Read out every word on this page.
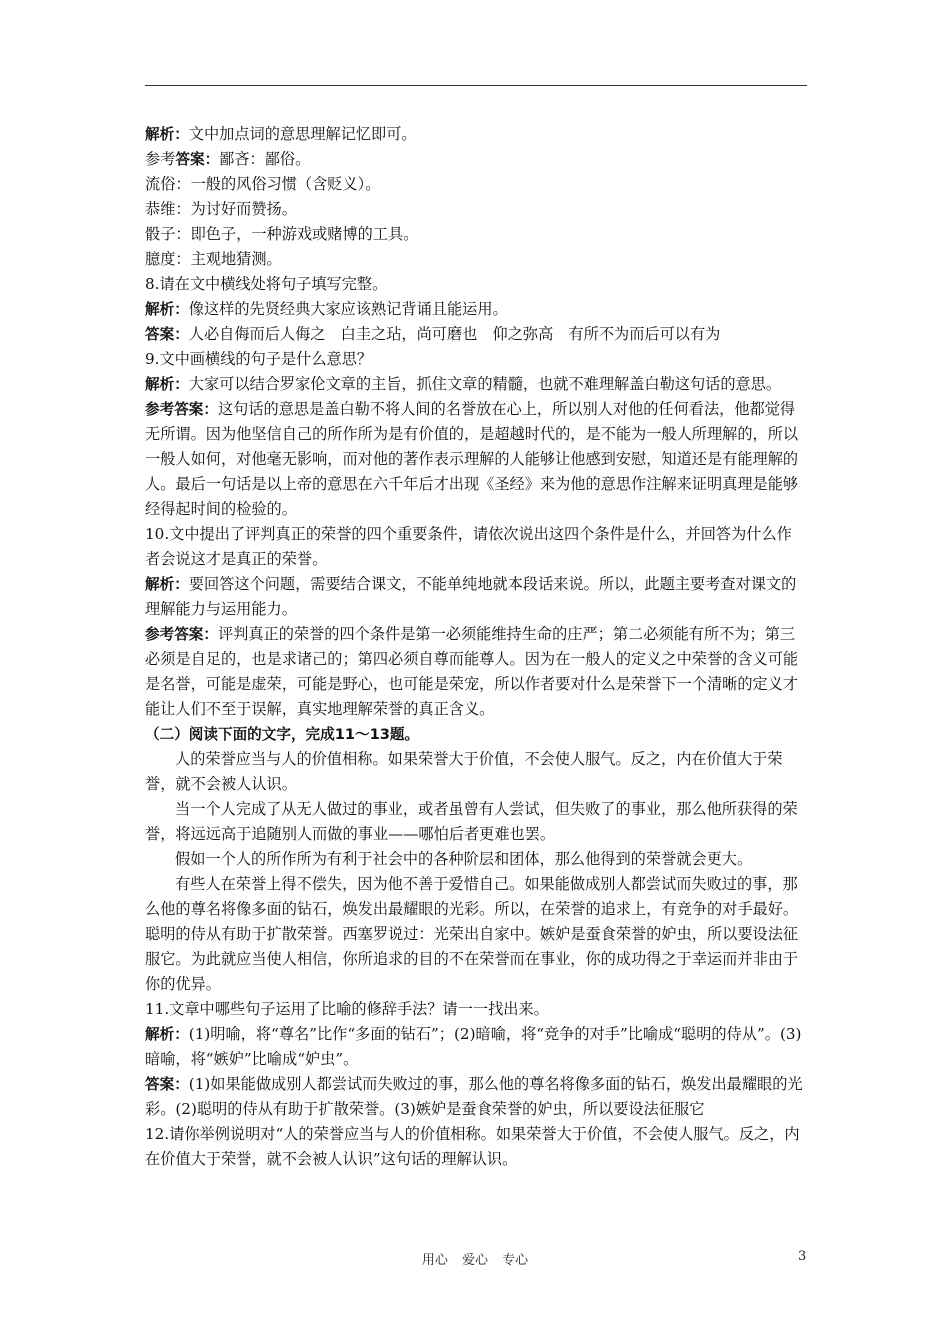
解析：文中加点词的意思理解记忆即可。

参考答案：鄙吝：鄙俗。

流俗：一般的风俗习惯（含贬义）。

恭维：为讨好而赞扬。

骰子：即色子，一种游戏或赌博的工具。

臆度：主观地猜测。

8.请在文中横线处将句子填写完整。

解析：像这样的先贤经典大家应该熟记背诵且能运用。

答案：人必自侮而后人侮之　白圭之玷，尚可磨也　仰之弥高　有所不为而后可以有为

9.文中画横线的句子是什么意思？

解析：大家可以结合罗家伦文章的主旨，抓住文章的精髓，也就不难理解盖白勒这句话的意思。

参考答案：这句话的意思是盖白勒不将人间的名誉放在心上，所以别人对他的任何看法，他都觉得无所谓。因为他坚信自己的所作所为是有价值的，是超越时代的，是不能为一般人所理解的，所以一般人如何，对他毫无影响，而对他的著作表示理解的人能够让他感到安慰，知道还是有能理解的人。最后一句话是以上帝的意思在六千年后才出现《圣经》来为他的意思作注解来证明真理是能够经得起时间的检验的。

10.文中提出了评判真正的荣誉的四个重要条件，请依次说出这四个条件是什么，并回答为什么作者会说这才是真正的荣誉。

解析：要回答这个问题，需要结合课文，不能单纯地就本段话来说。所以，此题主要考查对课文的理解能力与运用能力。

参考答案：评判真正的荣誉的四个条件是第一必须能维持生命的庄严；第二必须能有所不为；第三必须是自足的，也是求诸己的；第四必须自尊而能尊人。因为在一般人的定义之中荣誉的含义可能是名誉，可能是虚荣，可能是野心，也可能是荣宠，所以作者要对什么是荣誉下一个清晰的定义才能让人们不至于误解，真实地理解荣誉的真正含义。

（二）阅读下面的文字，完成11～13题。

人的荣誉应当与人的价值相称。如果荣誉大于价值，不会使人服气。反之，内在价值大于荣誉，就不会被人认识。

当一个人完成了从无人做过的事业，或者虽曾有人尝试，但失败了的事业，那么他所获得的荣誉，将远远高于追随别人而做的事业——哪怕后者更难也罢。

假如一个人的所作所为有利于社会中的各种阶层和团体，那么他得到的荣誉就会更大。

有些人在荣誉上得不偿失，因为他不善于爱惜自己。如果能做成别人都尝试而失败过的事，那么他的尊名将像多面的钻石，焕发出最耀眼的光彩。所以，在荣誉的追求上，有竞争的对手最好。聪明的侍从有助于扩散荣誉。西塞罗说过：光荣出自家中。嫉妒是蚕食荣誉的妒虫，所以要设法征服它。为此就应当使人相信，你所追求的目的不在荣誉而在事业，你的成功得之于幸运而并非由于你的优异。

11.文章中哪些句子运用了比喻的修辞手法？请一一找出来。

解析：(1)明喻，将“尊名”比作“多面的钻石”；(2)暗喻，将“竞争的对手”比喻成“聪明的侍从”。(3)暗喻，将“嫉妒”比喻成“妒虫”。

答案：(1)如果能做成别人都尝试而失败过的事，那么他的尊名将像多面的钻石，焕发出最耀眼的光彩。(2)聪明的侍从有助于扩散荣誉。(3)嫉妒是蚕食荣誉的妒虫，所以要设法征服它

12.请你举例说明对“人的荣誉应当与人的价值相称。如果荣誉大于价值，不会使人服气。反之，内在价值大于荣誉，就不会被人认识”这句话的理解认识。

用心 爱心 专心	3
